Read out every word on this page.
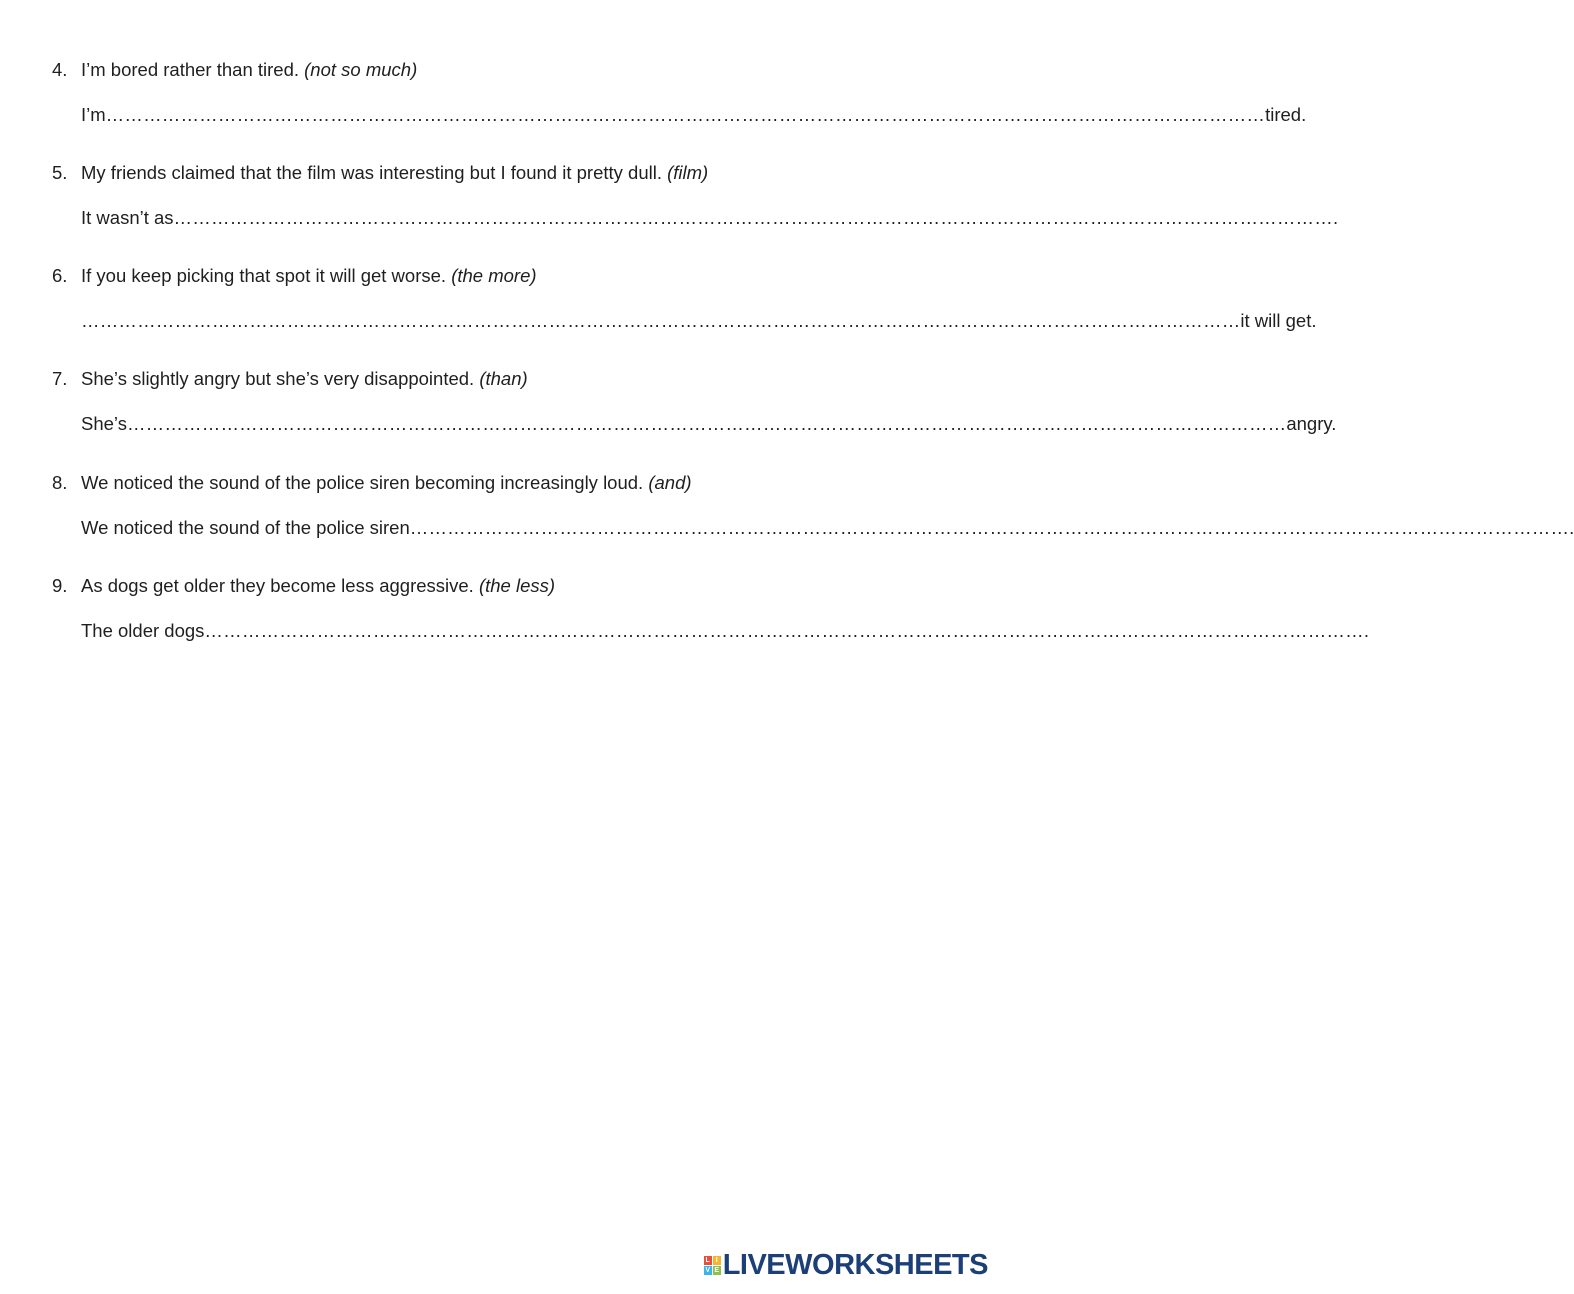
4. I’m bored rather than tired. (not so much)
I’m …………………………………………………………………………………………………………………………………………………………………… tired.
5. My friends claimed that the film was interesting but I found it pretty dull. (film)
It wasn’t as …………………………………………………………………………………………………………………………………………………………………… .
6. If you keep picking that spot it will get worse. (the more)
…………………………………………………………………………………………………………………………………………………………………… it will get.
7. She’s slightly angry but she’s very disappointed. (than)
She’s …………………………………………………………………………………………………………………………………………………………………… angry.
8. We noticed the sound of the police siren becoming increasingly loud. (and)
We noticed the sound of the police siren …………………………………………………………………………………………………………………………………………………………………… .
9. As dogs get older they become less aggressive. (the less)
The older dogs …………………………………………………………………………………………………………………………………………………………………… .
L I
V E LIVEWORKSHEETS
